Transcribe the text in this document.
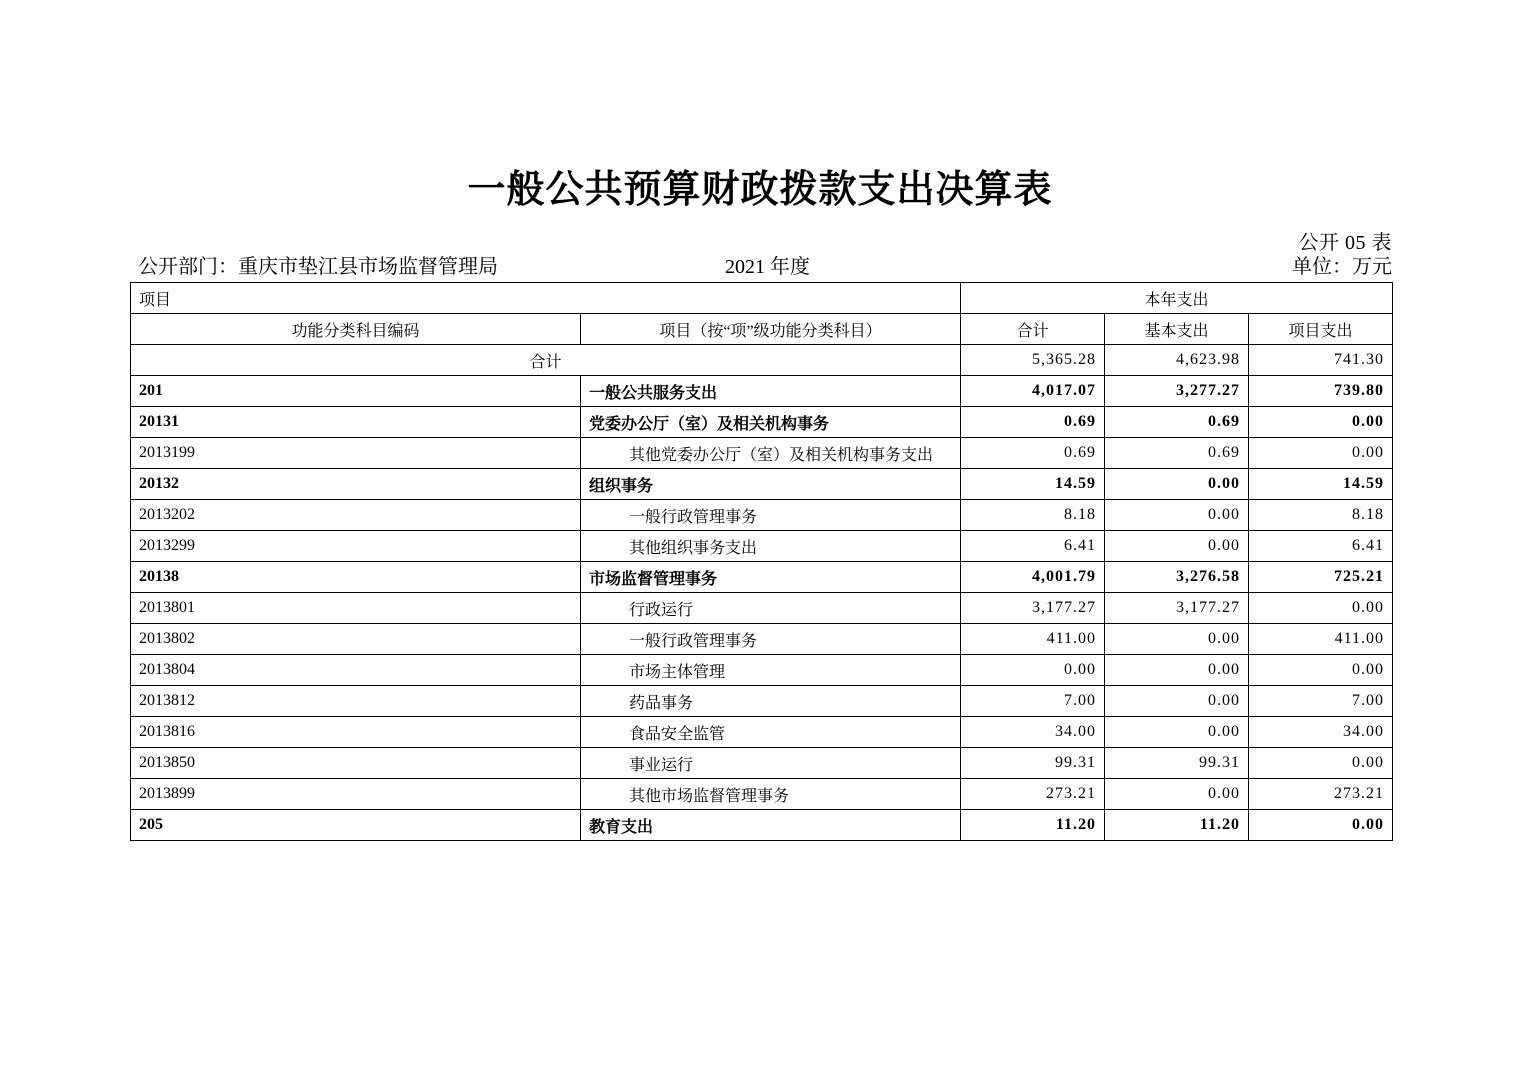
一般公共预算财政拨款支出决算表
公开 05 表
公开部门：重庆市垫江县市场监督管理局	2021 年度	单位：万元
项目		本年支出		
功能分类科目编码	项目（按“项”级功能分类科目）	合计	基本支出	项目支出
合计		5,365.28	4,623.98	741.30
201	一般公共服务支出	4,017.07	3,277.27	739.80
20131	党委办公厅（室）及相关机构事务	0.69	0.69	0.00
2013199	其他党委办公厅（室）及相关机构事务支出	0.69	0.69	0.00
20132	组织事务	14.59	0.00	14.59
2013202	一般行政管理事务	8.18	0.00	8.18
2013299	其他组织事务支出	6.41	0.00	6.41
20138	市场监督管理事务	4,001.79	3,276.58	725.21
2013801	行政运行	3,177.27	3,177.27	0.00
2013802	一般行政管理事务	411.00	0.00	411.00
2013804	市场主体管理	0.00	0.00	0.00
2013812	药品事务	7.00	0.00	7.00
2013816	食品安全监管	34.00	0.00	34.00
2013850	事业运行	99.31	99.31	0.00
2013899	其他市场监督管理事务	273.21	0.00	273.21
205	教育支出	11.20	11.20	0.00
